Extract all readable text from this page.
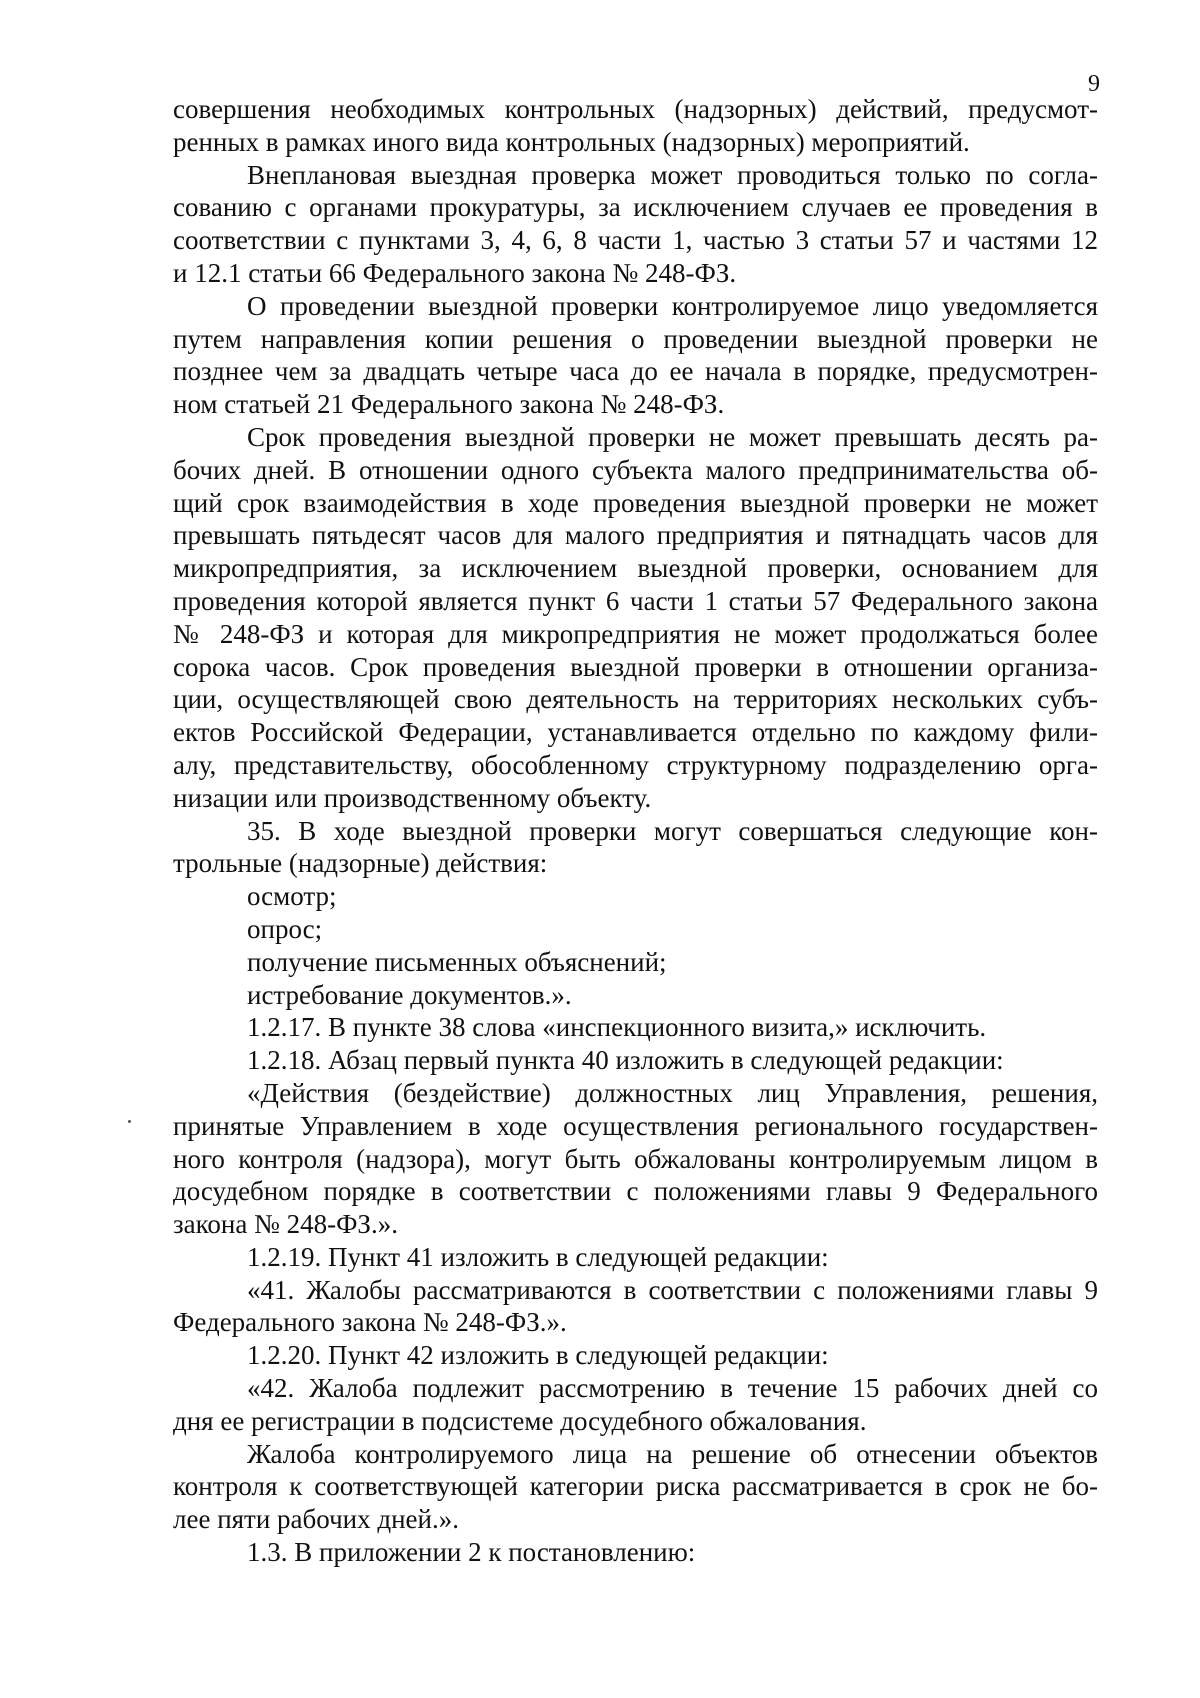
9
совершения необходимых контрольных (надзорных) действий, предусмот-
ренных в рамках иного вида контрольных (надзорных) мероприятий.
Внеплановая выездная проверка может проводиться только по согла-
сованию с органами прокуратуры, за исключением случаев ее проведения в
соответствии с пунктами 3, 4, 6, 8 части 1, частью 3 статьи 57 и частями 12
и 12.1 статьи 66 Федерального закона № 248-ФЗ.
О проведении выездной проверки контролируемое лицо уведомляется
путем направления копии решения о проведении выездной проверки не
позднее чем за двадцать четыре часа до ее начала в порядке, предусмотрен-
ном статьей 21 Федерального закона № 248-ФЗ.
Срок проведения выездной проверки не может превышать десять ра-
бочих дней. В отношении одного субъекта малого предпринимательства об-
щий срок взаимодействия в ходе проведения выездной проверки не может
превышать пятьдесят часов для малого предприятия и пятнадцать часов для
микропредприятия, за исключением выездной проверки, основанием для
проведения которой является пункт 6 части 1 статьи 57 Федерального закона
№ 248-ФЗ и которая для микропредприятия не может продолжаться более
сорока часов. Срок проведения выездной проверки в отношении организа-
ции, осуществляющей свою деятельность на территориях нескольких субъ-
ектов Российской Федерации, устанавливается отдельно по каждому фили-
алу, представительству, обособленному структурному подразделению орга-
низации или производственному объекту.
35. В ходе выездной проверки могут совершаться следующие кон-
трольные (надзорные) действия:
осмотр;
опрос;
получение письменных объяснений;
истребование документов.».
1.2.17. В пункте 38 слова «инспекционного визита,» исключить.
1.2.18. Абзац первый пункта 40 изложить в следующей редакции:
«Действия (бездействие) должностных лиц Управления, решения,
принятые Управлением в ходе осуществления регионального государствен-
ного контроля (надзора), могут быть обжалованы контролируемым лицом в
досудебном порядке в соответствии с положениями главы 9 Федерального
закона № 248-ФЗ.».
1.2.19. Пункт 41 изложить в следующей редакции:
«41. Жалобы рассматриваются в соответствии с положениями главы 9
Федерального закона № 248-ФЗ.».
1.2.20. Пункт 42 изложить в следующей редакции:
«42. Жалоба подлежит рассмотрению в течение 15 рабочих дней со
дня ее регистрации в подсистеме досудебного обжалования.
Жалоба контролируемого лица на решение об отнесении объектов
контроля к соответствующей категории риска рассматривается в срок не бо-
лее пяти рабочих дней.».
1.3. В приложении 2 к постановлению:
